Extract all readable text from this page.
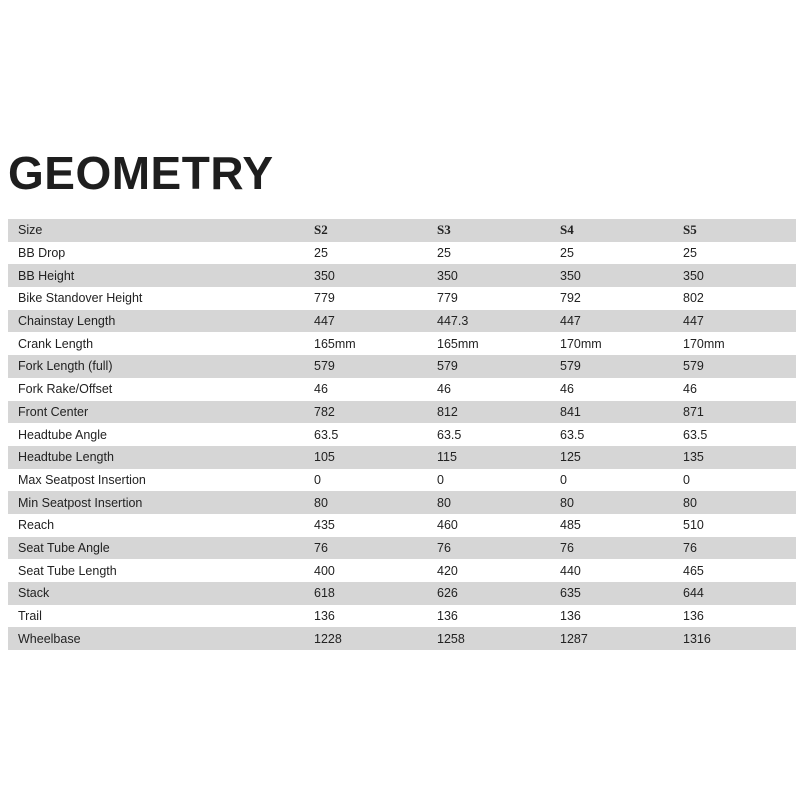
GEOMETRY
Size	S2	S3	S4	S5
BB Drop	25	25	25	25
BB Height	350	350	350	350
Bike Standover Height	779	779	792	802
Chainstay Length	447	447.3	447	447
Crank Length	165mm	165mm	170mm	170mm
Fork Length (full)	579	579	579	579
Fork Rake/Offset	46	46	46	46
Front Center	782	812	841	871
Headtube Angle	63.5	63.5	63.5	63.5
Headtube Length	105	115	125	135
Max Seatpost Insertion	0	0	0	0
Min Seatpost Insertion	80	80	80	80
Reach	435	460	485	510
Seat Tube Angle	76	76	76	76
Seat Tube Length	400	420	440	465
Stack	618	626	635	644
Trail	136	136	136	136
Wheelbase	1228	1258	1287	1316
